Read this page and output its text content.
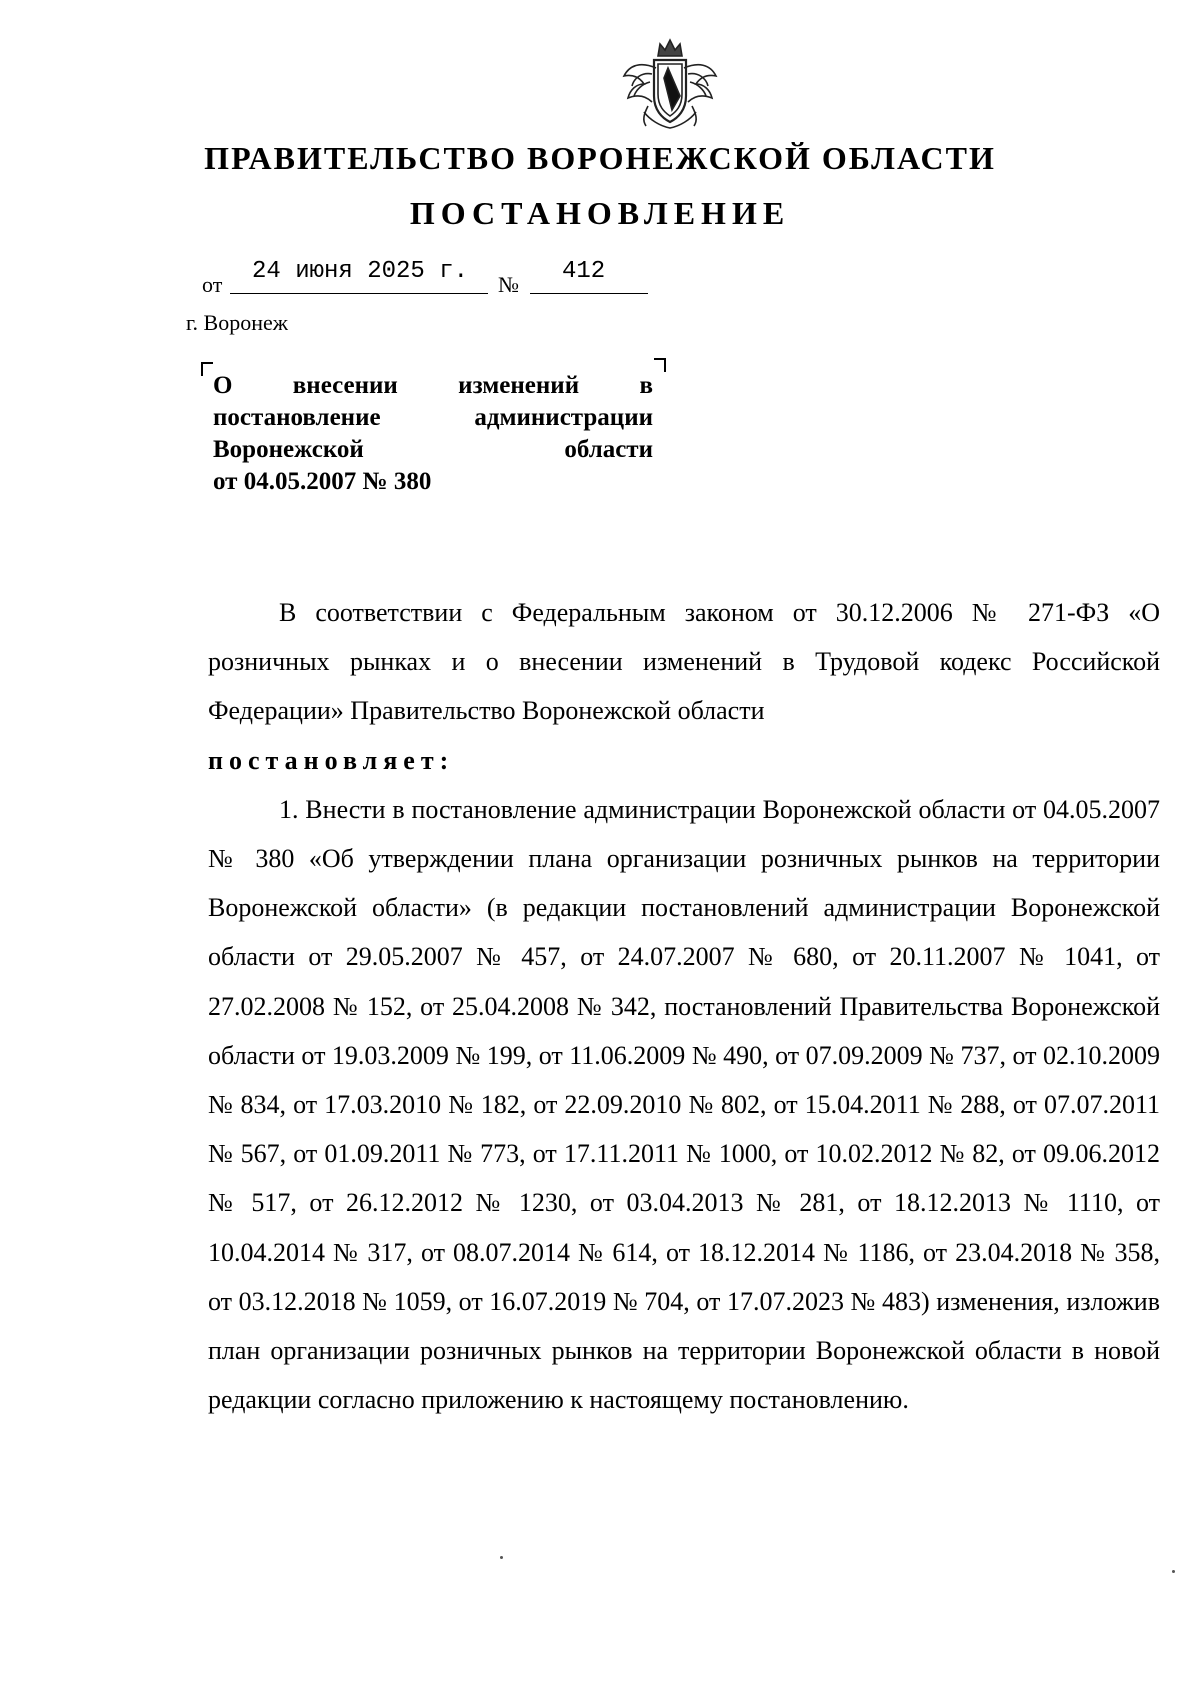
ПРАВИТЕЛЬСТВО ВОРОНЕЖСКОЙ ОБЛАСТИ
ПОСТАНОВЛЕНИЕ
от 24 июня 2025 г. № 412
г. Воронеж
О внесении изменений в
постановление	администрации
Воронежской	области
от 04.05.2007 № 380

В соответствии с Федеральным законом от 30.12.2006 № 271-ФЗ «О розничных рынках и о внесении изменений в Трудовой кодекс Российской Федерации» Правительство Воронежской области

постановляет:

1. Внести в постановление администрации Воронежской области от 04.05.2007 № 380 «Об утверждении плана организации розничных рынков на территории Воронежской области» (в редакции постановлений администрации Воронежской области от 29.05.2007 № 457, от 24.07.2007 № 680, от 20.11.2007 № 1041, от 27.02.2008 № 152, от 25.04.2008 № 342, постановлений Правительства Воронежской области от 19.03.2009 № 199, от 11.06.2009 № 490, от 07.09.2009 № 737, от 02.10.2009 № 834, от 17.03.2010 № 182, от 22.09.2010 № 802, от 15.04.2011 № 288, от 07.07.2011 № 567, от 01.09.2011 № 773, от 17.11.2011 № 1000, от 10.02.2012 № 82, от 09.06.2012 № 517, от 26.12.2012 № 1230, от 03.04.2013 № 281, от 18.12.2013 № 1110, от 10.04.2014 № 317, от 08.07.2014 № 614, от 18.12.2014 № 1186, от 23.04.2018 № 358, от 03.12.2018 № 1059, от 16.07.2019 № 704, от 17.07.2023 № 483) изменения, изложив план организации розничных рынков на территории Воронежской области в новой редакции согласно приложению к настоящему постановлению.
